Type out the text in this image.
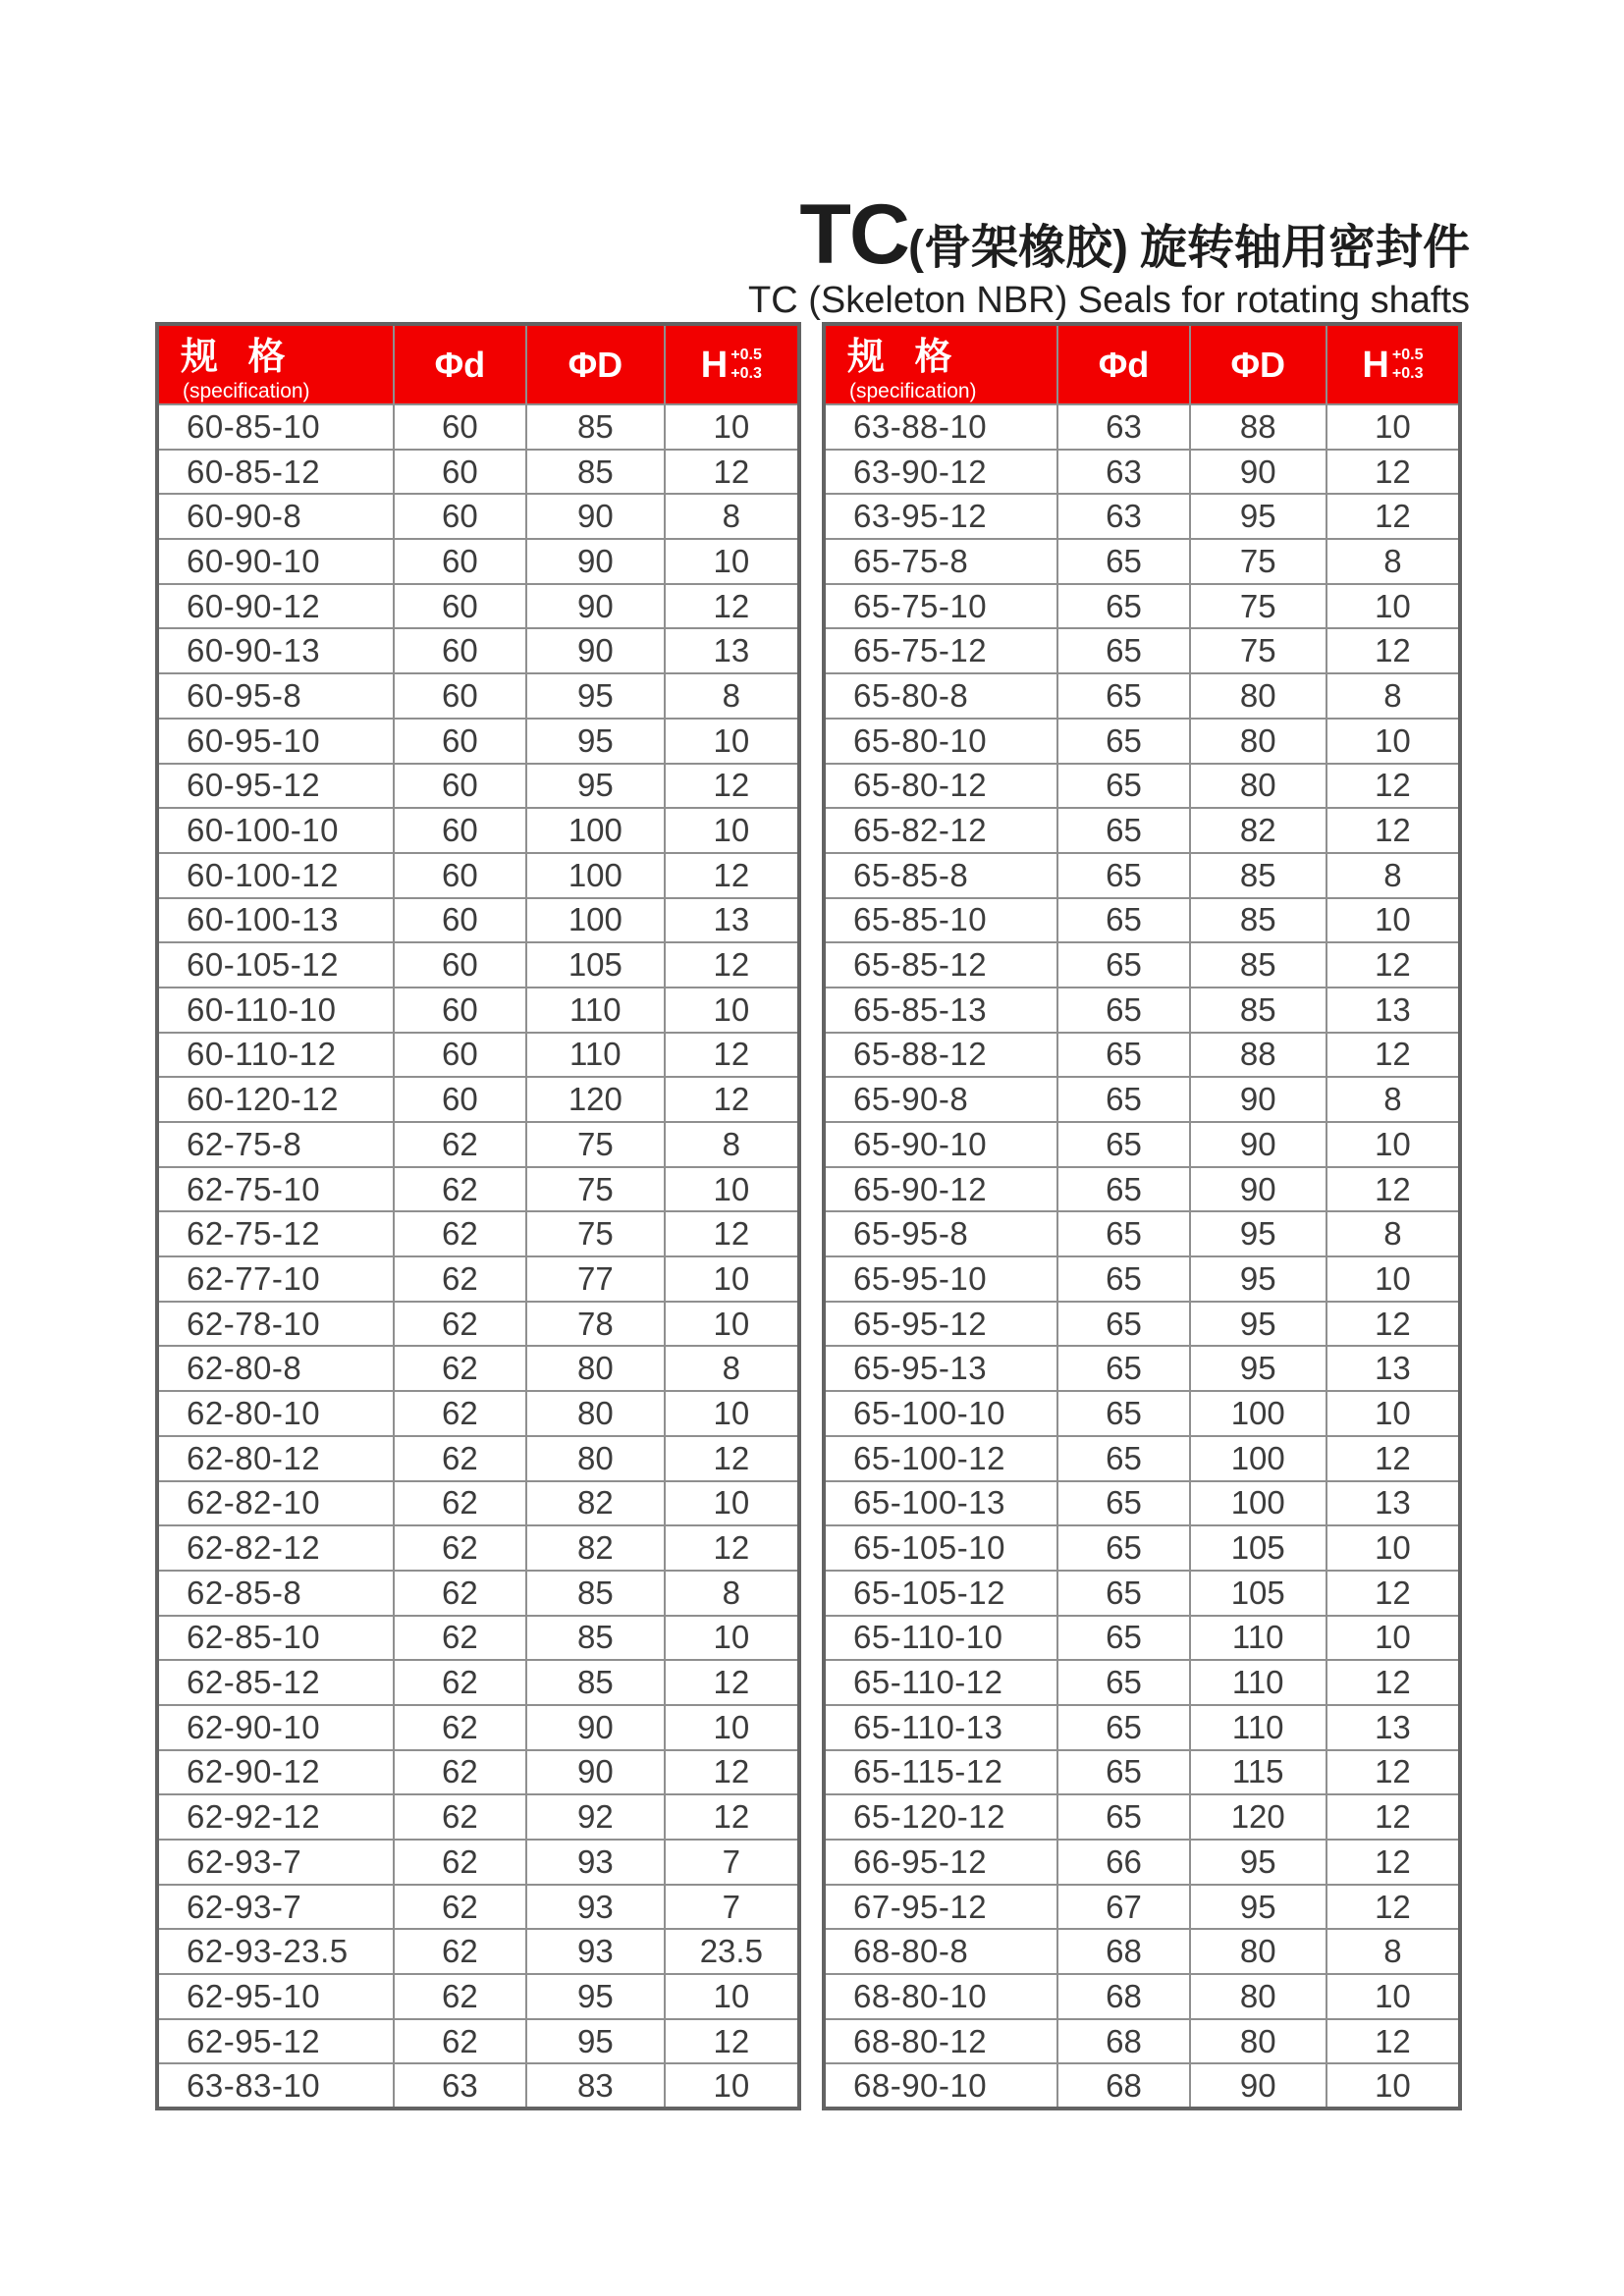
TC(骨架橡胶) 旋转轴用密封件
TC (Skeleton NBR) Seals for rotating shafts
规 格(specification)	Φd	ΦD	H +0.5
+0.3

60-85-10	60	85	10
60-85-12	60	85	12
60-90-8	60	90	8
60-90-10	60	90	10
60-90-12	60	90	12
60-90-13	60	90	13
60-95-8	60	95	8
60-95-10	60	95	10
60-95-12	60	95	12
60-100-10	60	100	10
60-100-12	60	100	12
60-100-13	60	100	13
60-105-12	60	105	12
60-110-10	60	110	10
60-110-12	60	110	12
60-120-12	60	120	12
62-75-8	62	75	8
62-75-10	62	75	10
62-75-12	62	75	12
62-77-10	62	77	10
62-78-10	62	78	10
62-80-8	62	80	8
62-80-10	62	80	10
62-80-12	62	80	12
62-82-10	62	82	10
62-82-12	62	82	12
62-85-8	62	85	8
62-85-10	62	85	10
62-85-12	62	85	12
62-90-10	62	90	10
62-90-12	62	90	12
62-92-12	62	92	12
62-93-7	62	93	7
62-93-7	62	93	7
62-93-23.5	62	93	23.5
62-95-10	62	95	10
62-95-12	62	95	12
63-83-10	63	83	10
规 格(specification)	Φd	ΦD	H +0.5
+0.3

63-88-10	63	88	10
63-90-12	63	90	12
63-95-12	63	95	12
65-75-8	65	75	8
65-75-10	65	75	10
65-75-12	65	75	12
65-80-8	65	80	8
65-80-10	65	80	10
65-80-12	65	80	12
65-82-12	65	82	12
65-85-8	65	85	8
65-85-10	65	85	10
65-85-12	65	85	12
65-85-13	65	85	13
65-88-12	65	88	12
65-90-8	65	90	8
65-90-10	65	90	10
65-90-12	65	90	12
65-95-8	65	95	8
65-95-10	65	95	10
65-95-12	65	95	12
65-95-13	65	95	13
65-100-10	65	100	10
65-100-12	65	100	12
65-100-13	65	100	13
65-105-10	65	105	10
65-105-12	65	105	12
65-110-10	65	110	10
65-110-12	65	110	12
65-110-13	65	110	13
65-115-12	65	115	12
65-120-12	65	120	12
66-95-12	66	95	12
67-95-12	67	95	12
68-80-8	68	80	8
68-80-10	68	80	10
68-80-12	68	80	12
68-90-10	68	90	10
